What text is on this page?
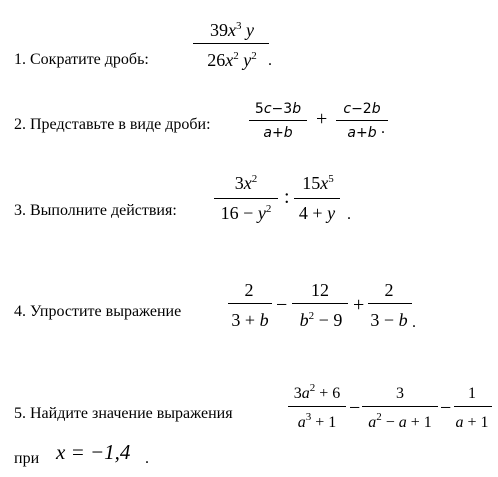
1. Сократите дробь:
$39x^3$ y
$26x^2$ $y^2$ .
2. Представьте в виде дроби:
5c−3b
a+b
+	c−2b
a+b .
3. Выполните действия:
$3x^2$
$16 - y^2$
:
$15x^5$
4 + y .
4. Упростите выражение
2
3 + b
−
12
$b^2 - 9$
+
2
3 − b .
5. Найдите значение выражения
$3a^2 + 6$
$a^3 + 1$
−
3
$a^2 - a + 1$
−
1
a + 1
при x = −1,4 .
